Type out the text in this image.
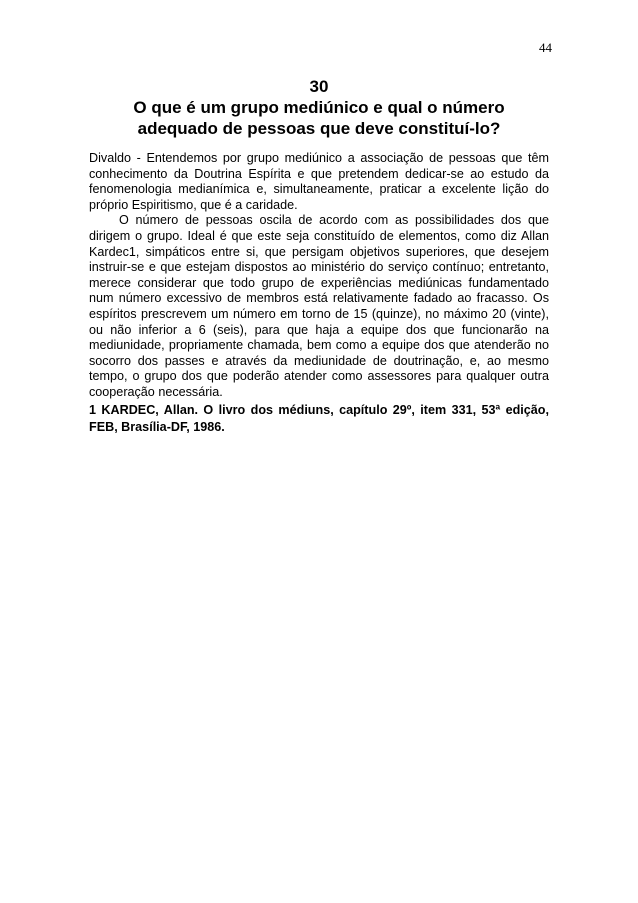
44
30
O que é um grupo mediúnico e qual o número
adequado de pessoas que deve constituí-lo?

Divaldo - Entendemos por grupo mediúnico a associação de pessoas que têm conhecimento da Doutrina Espírita e que pretendem dedicar-se ao estudo da fenomenologia medianímica e, simultaneamente, praticar a excelente lição do próprio Espiritismo, que é a caridade.

O número de pessoas oscila de acordo com as possibilidades dos que dirigem o grupo. Ideal é que este seja constituído de elementos, como diz Allan Kardec1, simpáticos entre si, que persigam objetivos superiores, que desejem instruir-se e que estejam dispostos ao ministério do serviço contínuo; entretanto, merece considerar que todo grupo de experiências mediúnicas fundamentado num número excessivo de membros está relativamente fadado ao fracasso. Os espíritos prescrevem um número em torno de 15 (quinze), no máximo 20 (vinte), ou não inferior a 6 (seis), para que haja a equipe dos que funcionarão na mediunidade, propriamente chamada, bem como a equipe dos que atenderão no socorro dos passes e através da mediunidade de doutrinação, e, ao mesmo tempo, o grupo dos que poderão atender como assessores para qualquer outra cooperação necessária.

1 KARDEC, Allan. O livro dos médiuns, capítulo 29º, item 331, 53ª edição, FEB, Brasília-DF, 1986.
